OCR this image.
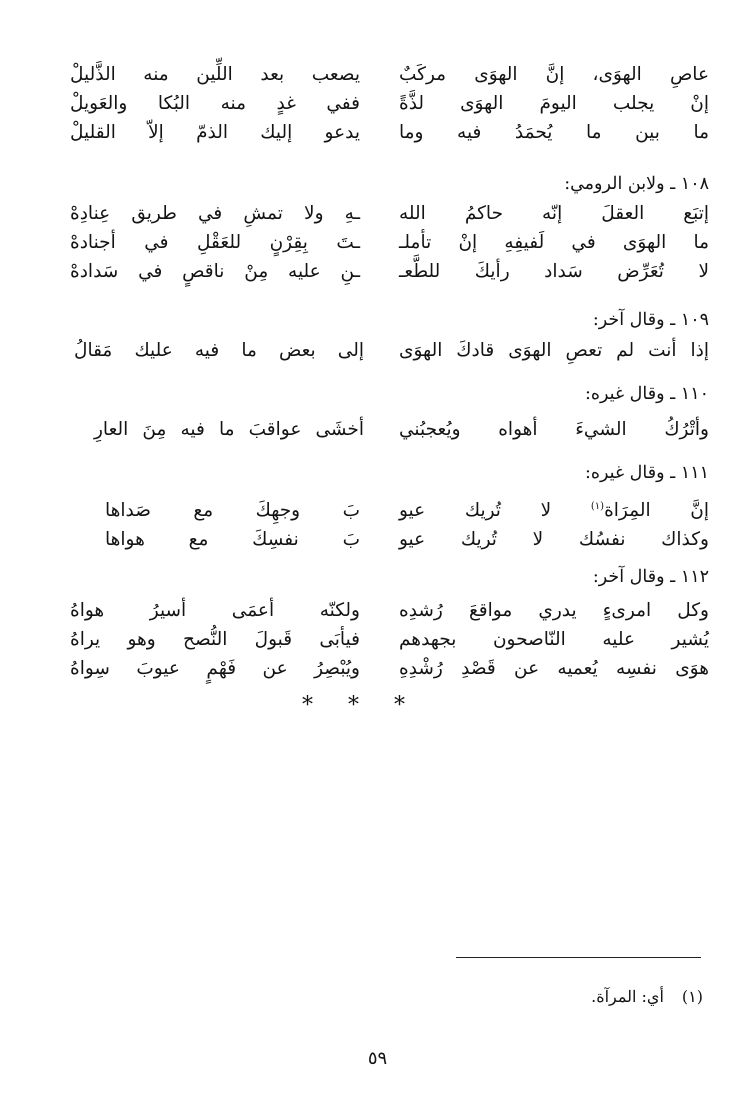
عاصِ الهوَى، إنَّ الهوَى مركَبٌ
يصعب بعد اللِّين منه الذَّليلْ
إنْ يجلب اليومَ الهوَى لذَّةً
ففي غدٍ منه البُكا والعَويلْ
ما بين ما يُحمَدُ فيه وما
يدعو إليك الذمّ إلاّ القليلْ
١٠٨ ـ ولابن الرومي:
إتبَع العقلَ إنّه حاكمُ الله
ـهِ ولا تمشِ في طريق عِنادِهْ
ما الهوَى في لَفيفِهِ إنْ تأملـ
ـتَ بِقِرْنٍ للعَقْلِ في أجنادهْ
لا تُعَرِّض سَداد رأيكَ للطَّعـ
ـنِ عليه مِنْ ناقصٍ في سَدادهْ
١٠٩ ـ وقال آخر:
إذا أنت لم تعصِ الهوَى قادكَ الهوَىإلى بعض ما فيه عليك مَقالُ
١١٠ ـ وقال غيره:
وأتْرُكُ الشيءَ أهواه ويُعجبُنيأخشَى عواقبَ ما فيه مِنَ العارِ
١١١ ـ وقال غيره:
إنَّ المِرَاة$^{(١)}$ لا تُريك عيو
بَ وجهِكَ مع صَداها
وكذاك نفسُك لا تُريك عيو
بَ نفسِكَ مع هواها
١١٢ ـ وقال آخر:
وكل امرىءٍ يدري مواقعَ رُشدِه
ولكنّه أعمَى أسيرُ هواهُ
يُشير عليه النّاصحون بجهدهم
فيأبَى قَبولَ النُّصح وهو يراهُ
هوَى نفسِه يُعميه عن قَصْدِ رُشْدِهِ
ويُبْصِرُ عن فَهْمٍ عيوبَ سِواهُ
* * *
(١)أي: المرآة.
٥٩
